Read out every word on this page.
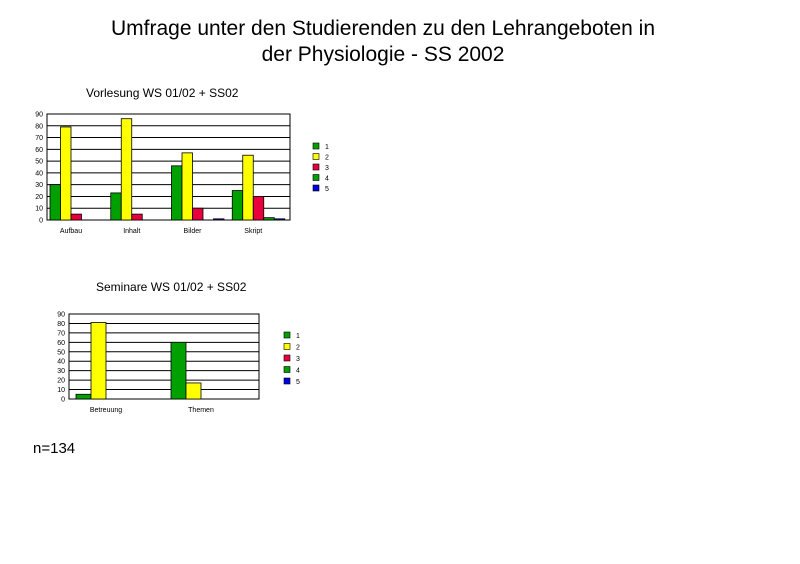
Umfrage unter den Studierenden zu den Lehrangeboten in
der Physiologie - SS 2002
Vorlesung WS 01/02 + SS02
Seminare WS 01/02 + SS02
0
10
20
30
40
50
60
70
80
90
Aufbau	Inhalt	Bilder	Skript
1
2
3
4
5
0
10
20
30
40
50
60
70
80
90
Betreuung	Themen
1
2
3
4
5
n=134
